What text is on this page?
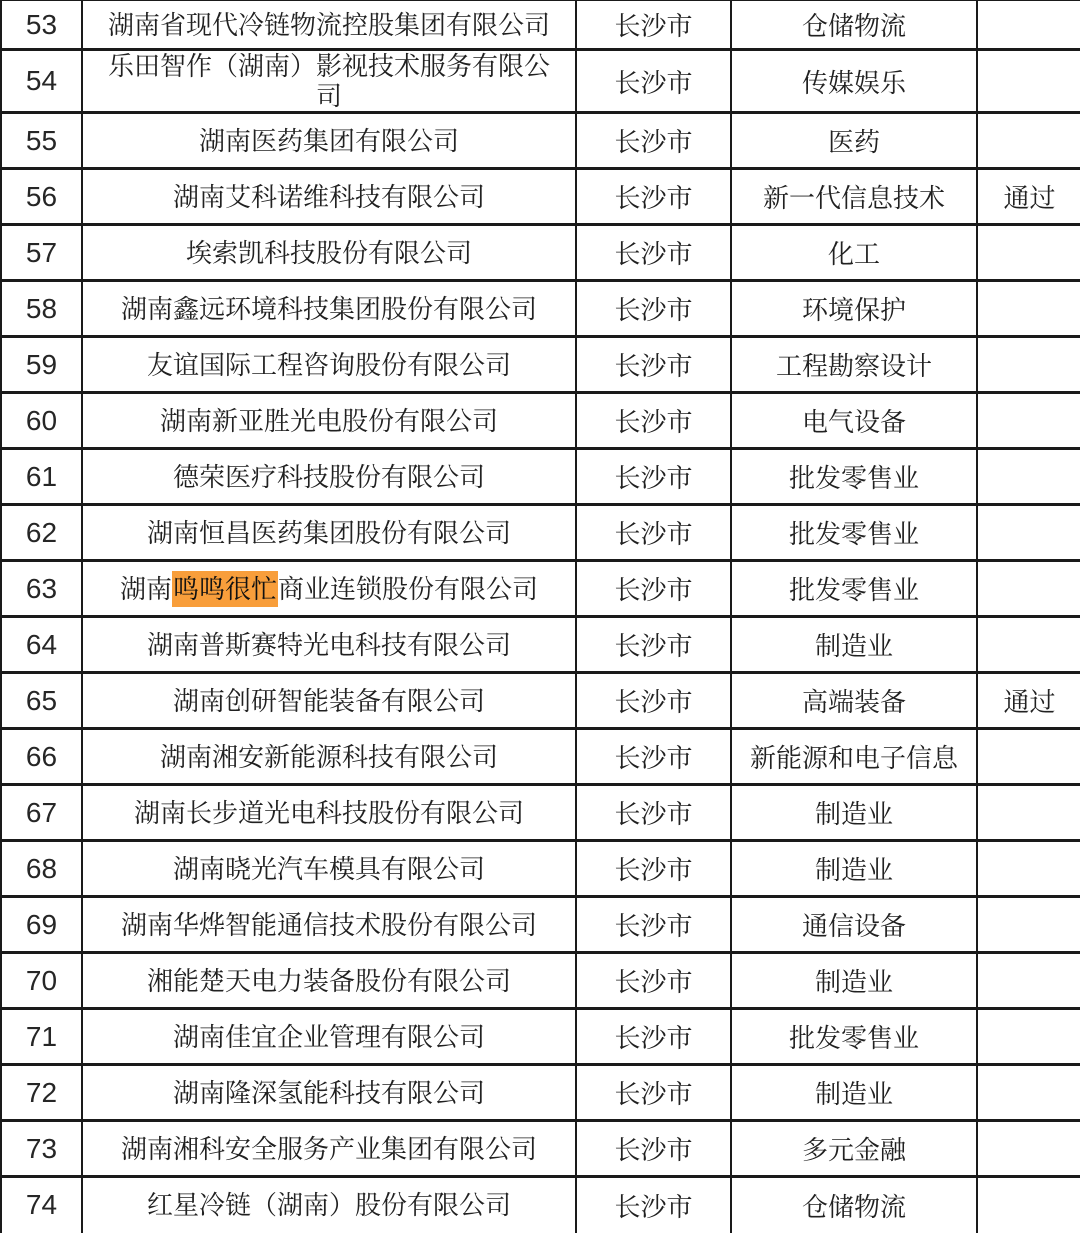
53	湖南省现代冷链物流控股集团有限公司	长沙市	仓储物流	
54	乐田智作（湖南）影视技术服务有限公司	长沙市	传媒娱乐	
55	湖南医药集团有限公司	长沙市	医药	
56	湖南艾科诺维科技有限公司	长沙市	新一代信息技术	通过
57	埃索凯科技股份有限公司	长沙市	化工	
58	湖南鑫远环境科技集团股份有限公司	长沙市	环境保护	
59	友谊国际工程咨询股份有限公司	长沙市	工程勘察设计	
60	湖南新亚胜光电股份有限公司	长沙市	电气设备	
61	德荣医疗科技股份有限公司	长沙市	批发零售业	
62	湖南恒昌医药集团股份有限公司	长沙市	批发零售业	
63	湖南鸣鸣很忙商业连锁股份有限公司	长沙市	批发零售业	
64	湖南普斯赛特光电科技有限公司	长沙市	制造业	
65	湖南创研智能装备有限公司	长沙市	高端装备	通过
66	湖南湘安新能源科技有限公司	长沙市	新能源和电子信息	
67	湖南长步道光电科技股份有限公司	长沙市	制造业	
68	湖南晓光汽车模具有限公司	长沙市	制造业	
69	湖南华烨智能通信技术股份有限公司	长沙市	通信设备	
70	湘能楚天电力装备股份有限公司	长沙市	制造业	
71	湖南佳宜企业管理有限公司	长沙市	批发零售业	
72	湖南隆深氢能科技有限公司	长沙市	制造业	
73	湖南湘科安全服务产业集团有限公司	长沙市	多元金融	
74	红星冷链（湖南）股份有限公司	长沙市	仓储物流	
